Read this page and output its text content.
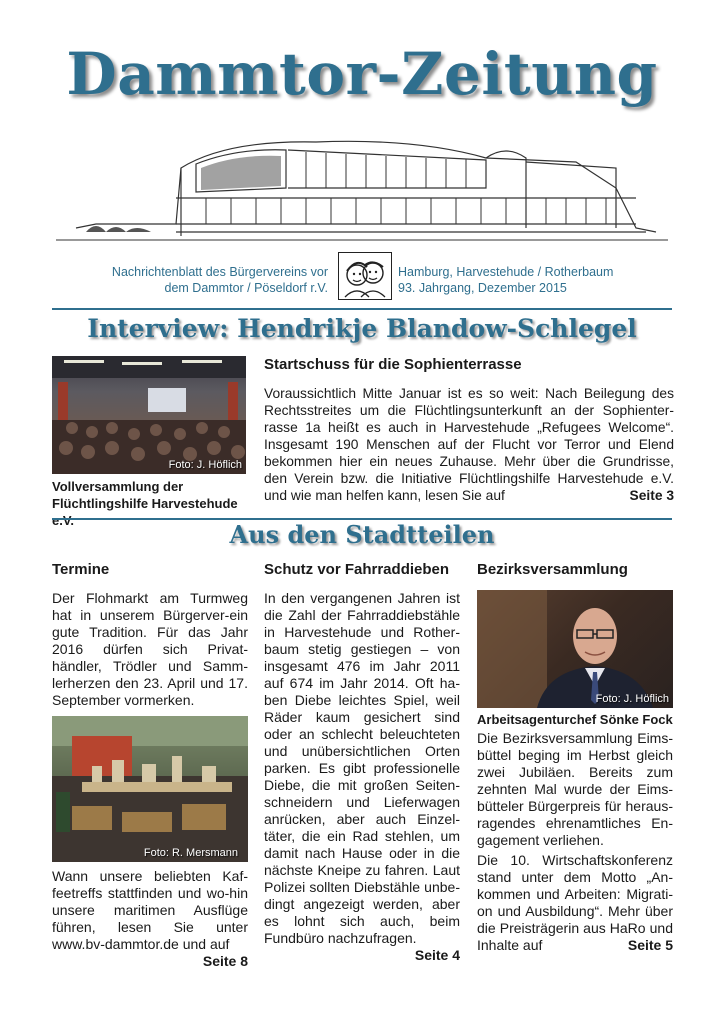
Dammtor-Zeitung
Nachrichtenblatt des Bürgervereins vor
dem Dammtor / Pöseldorf r.V.
Hamburg, Harvestehude / Rotherbaum
93. Jahrgang, Dezember 2015
Interview: Hendrikje Blandow-Schlegel
Foto: J. Höflich
Vollversammlung der Flüchtlingshilfe Harvestehude e.V.
Startschuss für die Sophienterrasse
Voraussichtlich Mitte Januar ist es so weit: Nach Beilegung des Rechtsstreites um die Flüchtlingsunterkunft an der Sophienter-rasse 1a heißt es auch in Harvestehude „Refugees Welcome“. Insgesamt 190 Menschen auf der Flucht vor Terror und Elend bekommen hier ein neues Zuhause. Mehr über die Grundrisse, den Verein bzw. die Initiative Flüchtlingshilfe Harvestehude e.V. und wie man helfen kann, lesen Sie auf	Seite 3
Aus den Stadtteilen
Termine
Der Flohmarkt am Turmweg hat in unserem Bürgerver-ein gute Tradition. Für das Jahr 2016 dürfen sich Privat-händler, Trödler und Samm-lerherzen den 23. April und 17. September vormerken.
Foto: R. Mersmann
Wann unsere beliebten Kaf-feetreffs stattfinden und wo-hin unsere maritimen Ausflüge führen, lesen Sie unter www.bv-dammtor.de und auf
Seite 8
Schutz vor Fahrraddieben
In den vergangenen Jahren ist die Zahl der Fahrraddiebstähle in Harvestehude und Rother-baum stetig gestiegen – von insgesamt 476 im Jahr 2011 auf 674 im Jahr 2014. Oft ha-ben Diebe leichtes Spiel, weil Räder kaum gesichert sind oder an schlecht beleuchteten und unübersichtlichen Orten parken. Es gibt professionelle Diebe, die mit großen Seiten-schneidern und Lieferwagen anrücken, aber auch Einzel-täter, die ein Rad stehlen, um damit nach Hause oder in die nächste Kneipe zu fahren. Laut Polizei sollten Diebstähle unbe-dingt angezeigt werden, aber es lohnt sich auch, beim Fundbüro nachzufragen.
Seite 4
Bezirksversammlung
Foto: J. Höflich
Arbeitsagenturchef Sönke Fock
Die Bezirksversammlung Eims-büttel beging im Herbst gleich zwei Jubiläen. Bereits zum zehnten Mal wurde der Eims-bütteler Bürgerpreis für heraus-ragendes ehrenamtliches En-gagement verliehen.
Die 10. Wirtschaftskonferenz stand unter dem Motto „An-kommen und Arbeiten: Migrati-on und Ausbildung“. Mehr über die Preisträgerin aus HaRo und Inhalte auf	Seite 5
